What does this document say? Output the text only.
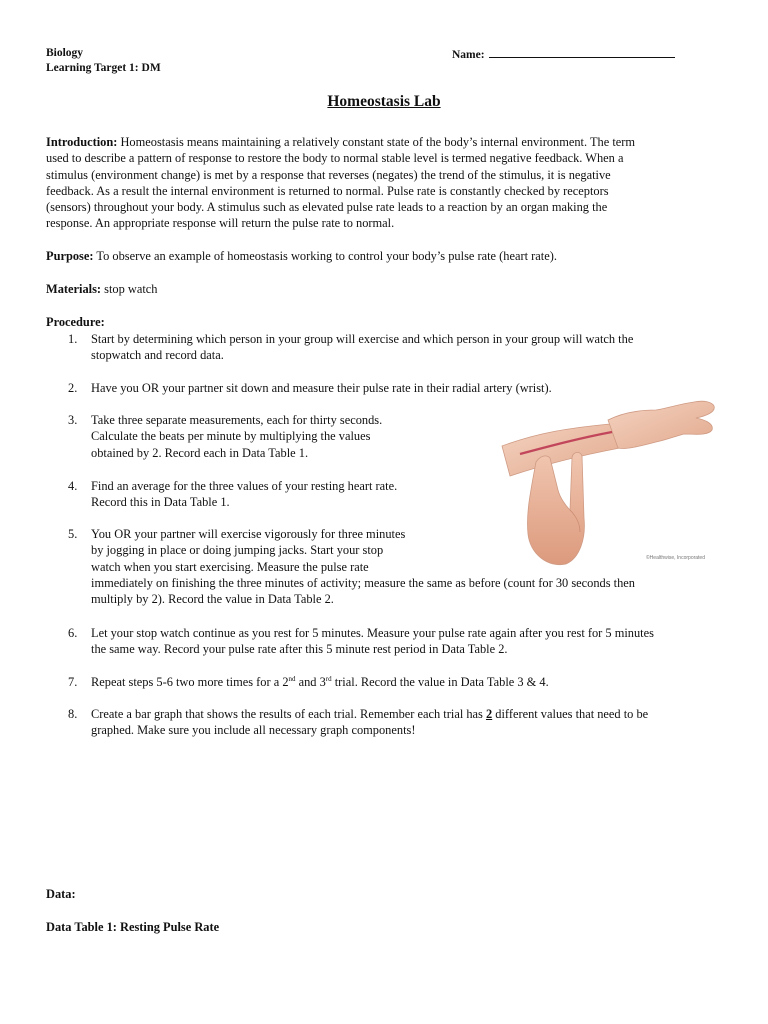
Biology
Learning Target 1: DM
Name:
Homeostasis Lab
Introduction: Homeostasis means maintaining a relatively constant state of the body’s internal environment. The term
used to describe a pattern of response to restore the body to normal stable level is termed negative feedback. When a
stimulus (environment change) is met by a response that reverses (negates) the trend of the stimulus, it is negative
feedback. As a result the internal environment is returned to normal. Pulse rate is constantly checked by receptors
(sensors) throughout your body. A stimulus such as elevated pulse rate leads to a reaction by an organ making the
response. An appropriate response will return the pulse rate to normal.
Purpose: To observe an example of homeostasis working to control your body’s pulse rate (heart rate).
Materials: stop watch
Procedure:
1. Start by determining which person in your group will exercise and which person in your group will watch the
stopwatch and record data.
2. Have you OR your partner sit down and measure their pulse rate in their radial artery (wrist).
3. Take three separate measurements, each for thirty seconds.
Calculate the beats per minute by multiplying the values
obtained by 2. Record each in Data Table 1.
4. Find an average for the three values of your resting heart rate.
Record this in Data Table 1.
5. You OR your partner will exercise vigorously for three minutes
by jogging in place or doing jumping jacks. Start your stop
watch when you start exercising. Measure the pulse rate
immediately on finishing the three minutes of activity; measure the same as before (count for 30 seconds then
multiply by 2). Record the value in Data Table 2.
6. Let your stop watch continue as you rest for 5 minutes. Measure your pulse rate again after you rest for 5 minutes
the same way. Record your pulse rate after this 5 minute rest period in Data Table 2.
7. Repeat steps 5-6 two more times for a 2nd and 3rd trial. Record the value in Data Table 3 & 4.
8. Create a bar graph that shows the results of each trial. Remember each trial has 2 different values that need to be
graphed. Make sure you include all necessary graph components!
©Healthwise, Incorporated
Data:
Data Table 1: Resting Pulse Rate
